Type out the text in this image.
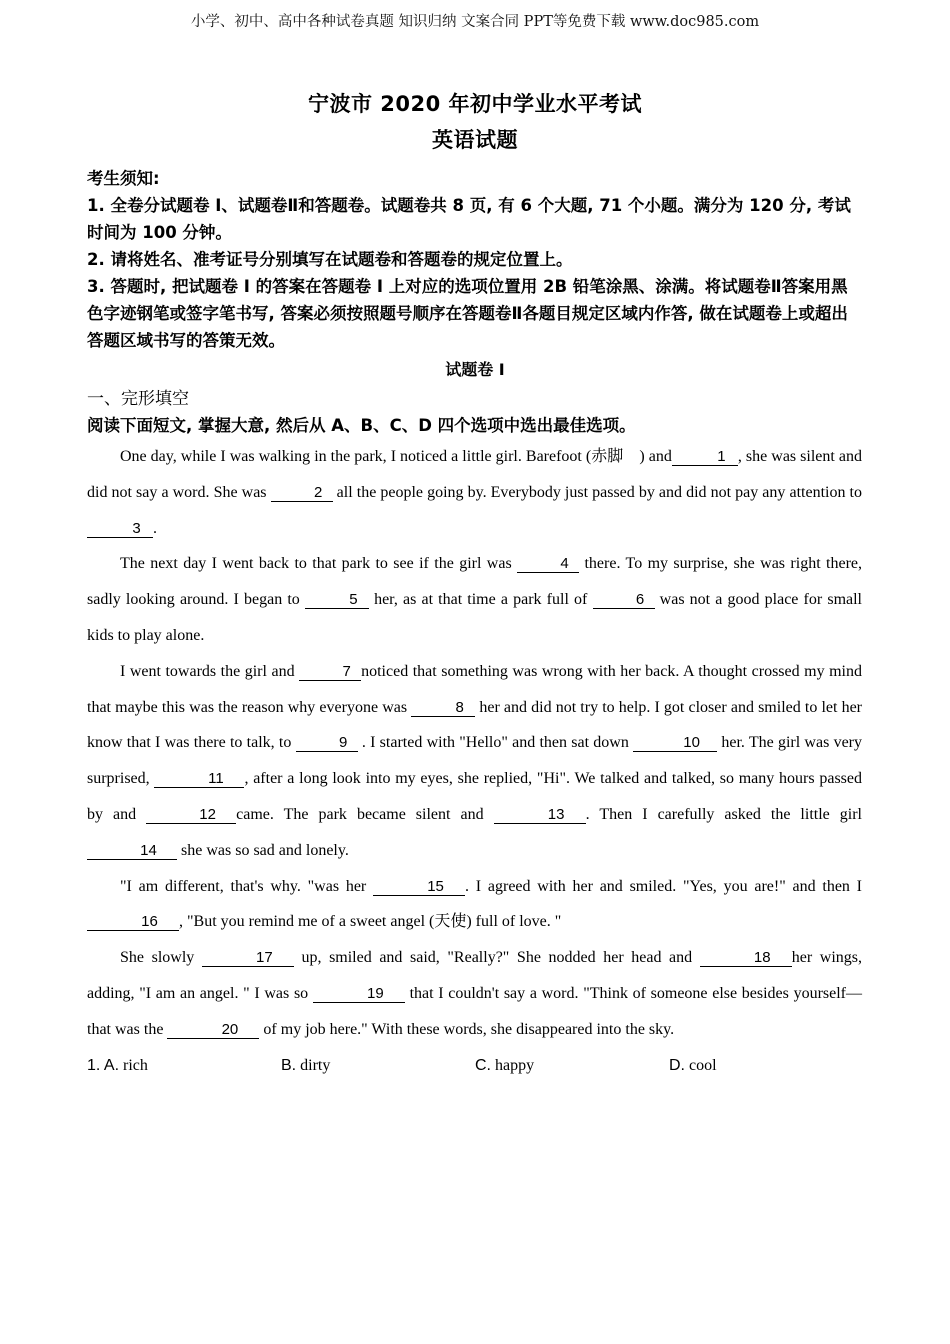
小学、初中、高中各种试卷真题 知识归纳 文案合同 PPT等免费下载 www.doc985.com
宁波市 2020 年初中学业水平考试
英语试题

考生须知:

1. 全卷分试题卷 I、试题卷Ⅱ和答题卷。试题卷共 8 页, 有 6 个大题, 71 个小题。满分为 120 分, 考试时间为 100 分钟。

2. 请将姓名、准考证号分别填写在试题卷和答题卷的规定位置上。

3. 答题时, 把试题卷 I 的答案在答题卷 I 上对应的选项位置用 2B 铅笔涂黑、涂满。将试题卷Ⅱ答案用黑色字迹钢笔或签字笔书写, 答案必须按照题号顺序在答题卷Ⅱ各题目规定区域内作答, 做在试题卷上或超出答题区域书写的答策无效。

试题卷 I
一、完形填空
阅读下面短文, 掌握大意, 然后从 A、B、C、D 四个选项中选出最佳选项。

One day, while I was walking in the park, I noticed a little girl. Barefoot (赤脚    ) and	1 , she was silent and did not say a word. She was	2 all the people going by. Everybody just passed by and did not pay any attention to3 .

The next day I went back to that park to see if the girl was	4 there. To my surprise, she was right there, sadly looking around. I began to	5 her, as at that time a park full of	6 was not a good place for small kids to play alone.

I went towards the girl and	7 noticed that something was wrong with her back. A thought crossed my mind that maybe this was the reason why everyone was	8 her and did not try to help. I got closer and smiled to let her know that I was there to talk, to	9 . I started with "Hello" and then sat down	10 her. The girl was very surprised,	11 , after a long look into my eyes, she replied, "Hi". We talked and talked, so many hours passed by and	12 came. The park became silent and	13 . Then I carefully asked the little girl 14 she was so sad and lonely.

"I am different, that's why. "was her	15 . I agreed with her and smiled. "Yes, you are!" and then I 16 , "But you remind me of a sweet angel (天使) full of love. "

She slowly	17 up, smiled and said, "Really?" She nodded her head and	18 her wings, adding, "I am an angel. " I was so	19 that I couldn't say a word. "Think of someone else besides yourself—that was the	20 of my job here." With these words, she disappeared into the sky.

1. A. rich	B. dirty	C. happy	D. cool
